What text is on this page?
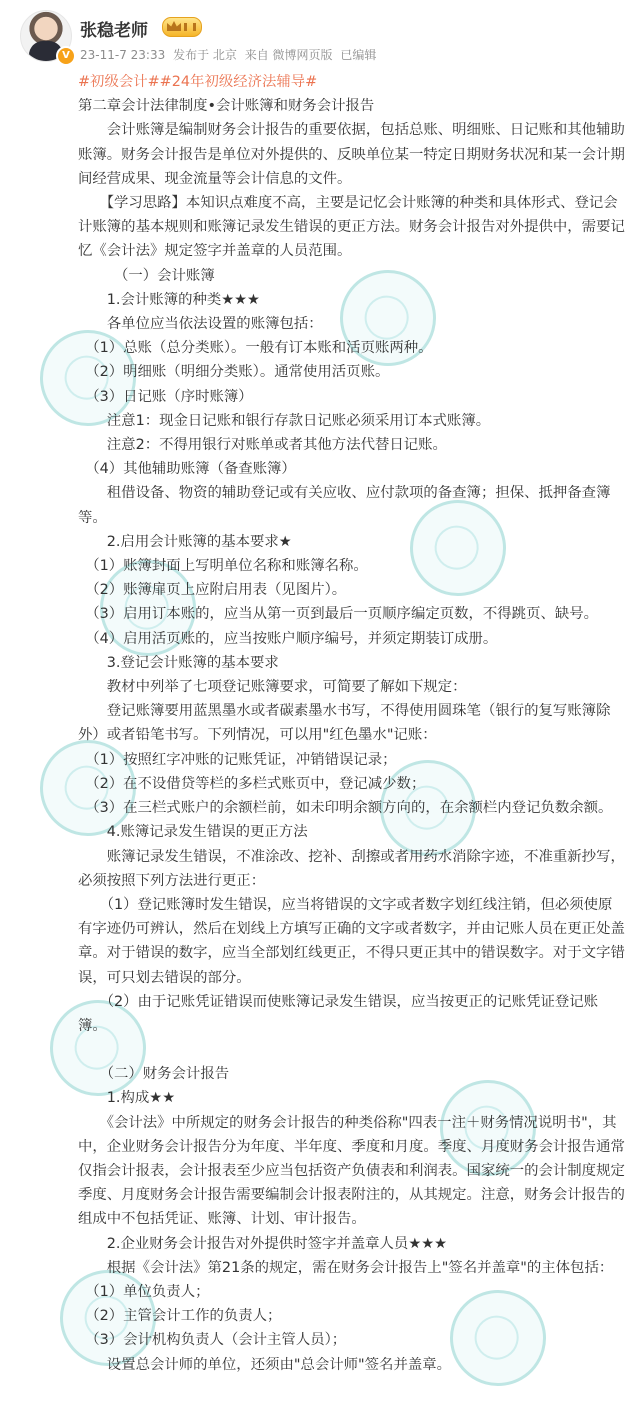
V
张稳老师
23-11-7 23:33 发布于 北京 来自 微博网页版 已编辑

#初级会计##24年初级经济法辅导#

第二章会计法律制度•会计账簿和财务会计报告

　　会计账簿是编制财务会计报告的重要依据，包括总账、明细账、日记账和其他辅助账簿。财务会计报告是单位对外提供的、反映单位某一特定日期财务状况和某一会计期间经营成果、现金流量等会计信息的文件。

　　【学习思路】本知识点难度不高，主要是记忆会计账簿的种类和具体形式、登记会计账簿的基本规则和账簿记录发生错误的更正方法。财务会计报告对外提供中，需要记忆《会计法》规定签字并盖章的人员范围。

　　　（一）会计账簿

　　1.会计账簿的种类★★★

　　各单位应当依法设置的账簿包括：

　（1）总账（总分类账）。一般有订本账和活页账两种。

　（2）明细账（明细分类账）。通常使用活页账。

　（3）日记账（序时账簿）

　　注意1：现金日记账和银行存款日记账必须采用订本式账簿。

　　注意2：不得用银行对账单或者其他方法代替日记账。

　（4）其他辅助账簿（备查账簿）

　　租借设备、物资的辅助登记或有关应收、应付款项的备查簿；担保、抵押备查簿等。

　　2.启用会计账簿的基本要求★

　（1）账簿封面上写明单位名称和账簿名称。

　（2）账簿扉页上应附启用表（见图片）。

　（3）启用订本账的，应当从第一页到最后一页顺序编定页数，不得跳页、缺号。

　（4）启用活页账的，应当按账户顺序编号，并须定期装订成册。

　　3.登记会计账簿的基本要求

　　教材中列举了七项登记账簿要求，可简要了解如下规定：

　　登记账簿要用蓝黑墨水或者碳素墨水书写，不得使用圆珠笔（银行的复写账簿除外）或者铅笔书写。下列情况，可以用"红色墨水"记账：

　（1）按照红字冲账的记账凭证，冲销错误记录；

　（2）在不设借贷等栏的多栏式账页中，登记减少数；

　（3）在三栏式账户的余额栏前，如未印明余额方向的，在余额栏内登记负数余额。

　　4.账簿记录发生错误的更正方法

　　账簿记录发生错误，不准涂改、挖补、刮擦或者用药水消除字迹，不准重新抄写，必须按照下列方法进行更正：

　　（1）登记账簿时发生错误，应当将错误的文字或者数字划红线注销，但必须使原有字迹仍可辨认，然后在划线上方填写正确的文字或者数字，并由记账人员在更正处盖章。对于错误的数字，应当全部划红线更正，不得只更正其中的错误数字。对于文字错误，可只划去错误的部分。

　　（2）由于记账凭证错误而使账簿记录发生错误，应当按更正的记账凭证登记账簿。

　　（二）财务会计报告

　　1.构成★★

　　《会计法》中所规定的财务会计报告的种类俗称"四表一注＋财务情况说明书"，其中，企业财务会计报告分为年度、半年度、季度和月度。季度、月度财务会计报告通常仅指会计报表，会计报表至少应当包括资产负债表和利润表。国家统一的会计制度规定季度、月度财务会计报告需要编制会计报表附注的，从其规定。注意，财务会计报告的组成中不包括凭证、账簿、计划、审计报告。

　　2.企业财务会计报告对外提供时签字并盖章人员★★★

　　根据《会计法》第21条的规定，需在财务会计报告上"签名并盖章"的主体包括：

　（1）单位负责人；

　（2）主管会计工作的负责人；

　（3）会计机构负责人（会计主管人员）；

　　设置总会计师的单位，还须由"总会计师"签名并盖章。
